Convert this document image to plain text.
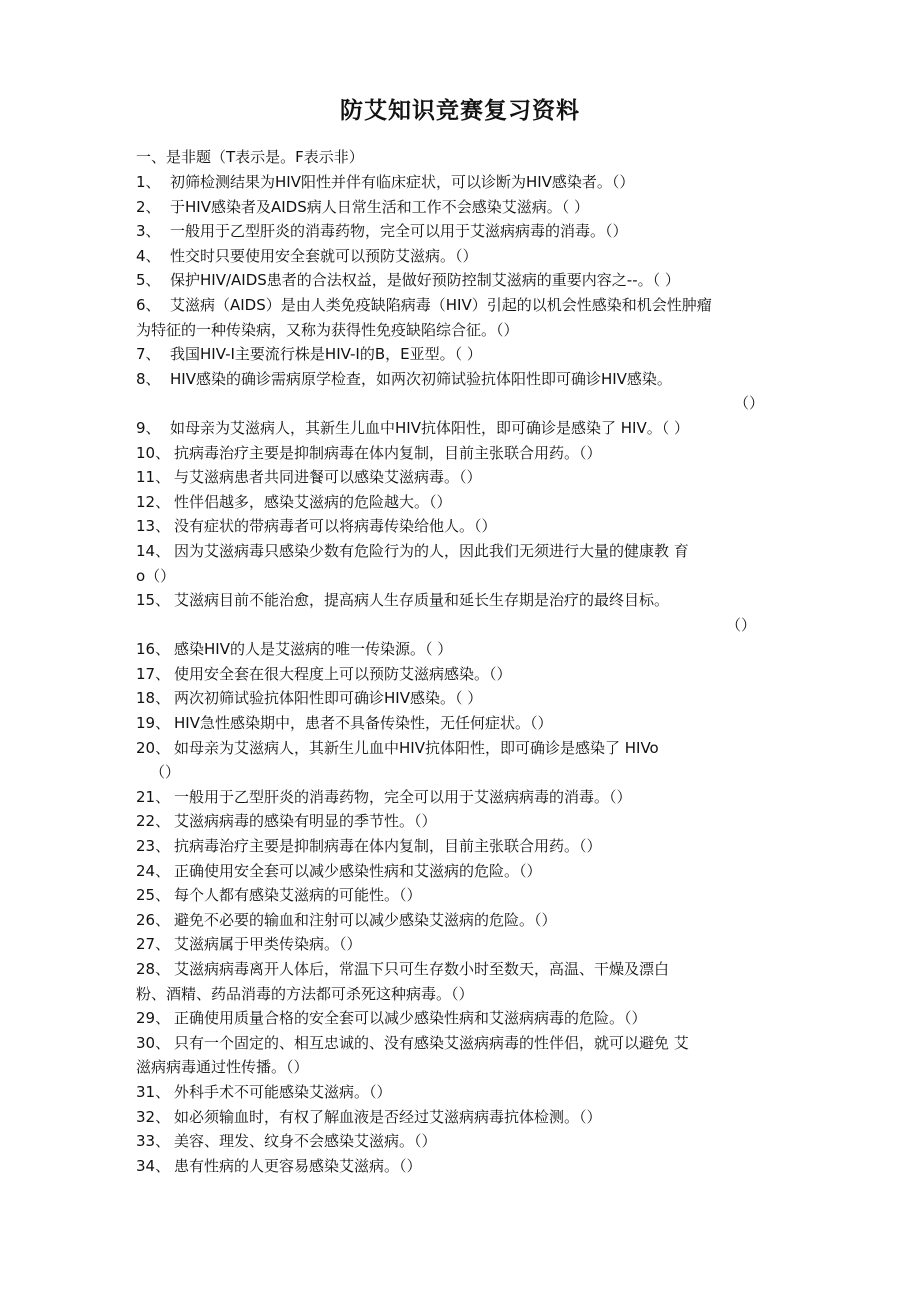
防艾知识竞赛复习资料
一、是非题（T表示是。F表示非）
1、 初筛检测结果为HIV阳性并伴有临床症状，可以诊断为HIV感染者。（）
2、 于HIV感染者及AIDS病人日常生活和工作不会感染艾滋病。（ ）
3、 一般用于乙型肝炎的消毒药物，完全可以用于艾滋病病毒的消毒。（）
4、 性交时只要使用安全套就可以预防艾滋病。（）
5、 保护HIV/AIDS患者的合法权益，是做好预防控制艾滋病的重要内容之--。（ ）
6、 艾滋病（AIDS）是由人类免疫缺陷病毒（HIV）引起的以机会性感染和机会性肿瘤
为特征的一种传染病，又称为获得性免疫缺陷综合征。（）
7、 我国HIV-I主要流行株是HIV-I的B，E亚型。（ ）
8、 HIV感染的确诊需病原学检查，如两次初筛试验抗体阳性即可确诊HIV感染。
（）
9、 如母亲为艾滋病人，其新生儿血中HIV抗体阳性，即可确诊是感染了 HIV。（ ）
10、 抗病毒治疗主要是抑制病毒在体内复制，目前主张联合用药。（）
11、 与艾滋病患者共同进餐可以感染艾滋病毒。（）
12、 性伴侣越多，感染艾滋病的危险越大。（）
13、 没有症状的带病毒者可以将病毒传染给他人。（）
14、 因为艾滋病毒只感染少数有危险行为的人，因此我们无须进行大量的健康教 育
o（）
15、 艾滋病目前不能治愈，提高病人生存质量和延长生存期是治疗的最终目标。
（）
16、 感染HIV的人是艾滋病的唯一传染源。（ ）
17、 使用安全套在很大程度上可以预防艾滋病感染。（）
18、 两次初筛试验抗体阳性即可确诊HIV感染。（ ）
19、 HIV急性感染期中，患者不具备传染性，无任何症状。（）
20、 如母亲为艾滋病人，其新生儿血中HIV抗体阳性，即可确诊是感染了 HIVo
（）
21、 一般用于乙型肝炎的消毒药物，完全可以用于艾滋病病毒的消毒。（）
22、 艾滋病病毒的感染有明显的季节性。（）
23、 抗病毒治疗主要是抑制病毒在体内复制，目前主张联合用药。（）
24、 正确使用安全套可以减少感染性病和艾滋病的危险。（）
25、 每个人都有感染艾滋病的可能性。（）
26、 避免不必要的输血和注射可以减少感染艾滋病的危险。（）
27、 艾滋病属于甲类传染病。（）
28、 艾滋病病毒离开人体后，常温下只可生存数小时至数天，高温、干燥及漂白
粉、酒精、药品消毒的方法都可杀死这种病毒。（）
29、 正确使用质量合格的安全套可以减少感染性病和艾滋病病毒的危险。（）
30、 只有一个固定的、相互忠诚的、没有感染艾滋病病毒的性伴侣，就可以避免 艾
滋病病毒通过性传播。（）
31、 外科手术不可能感染艾滋病。（）
32、 如必须输血时，有权了解血液是否经过艾滋病病毒抗体检测。（）
33、 美容、理发、纹身不会感染艾滋病。（）
34、 患有性病的人更容易感染艾滋病。（）
